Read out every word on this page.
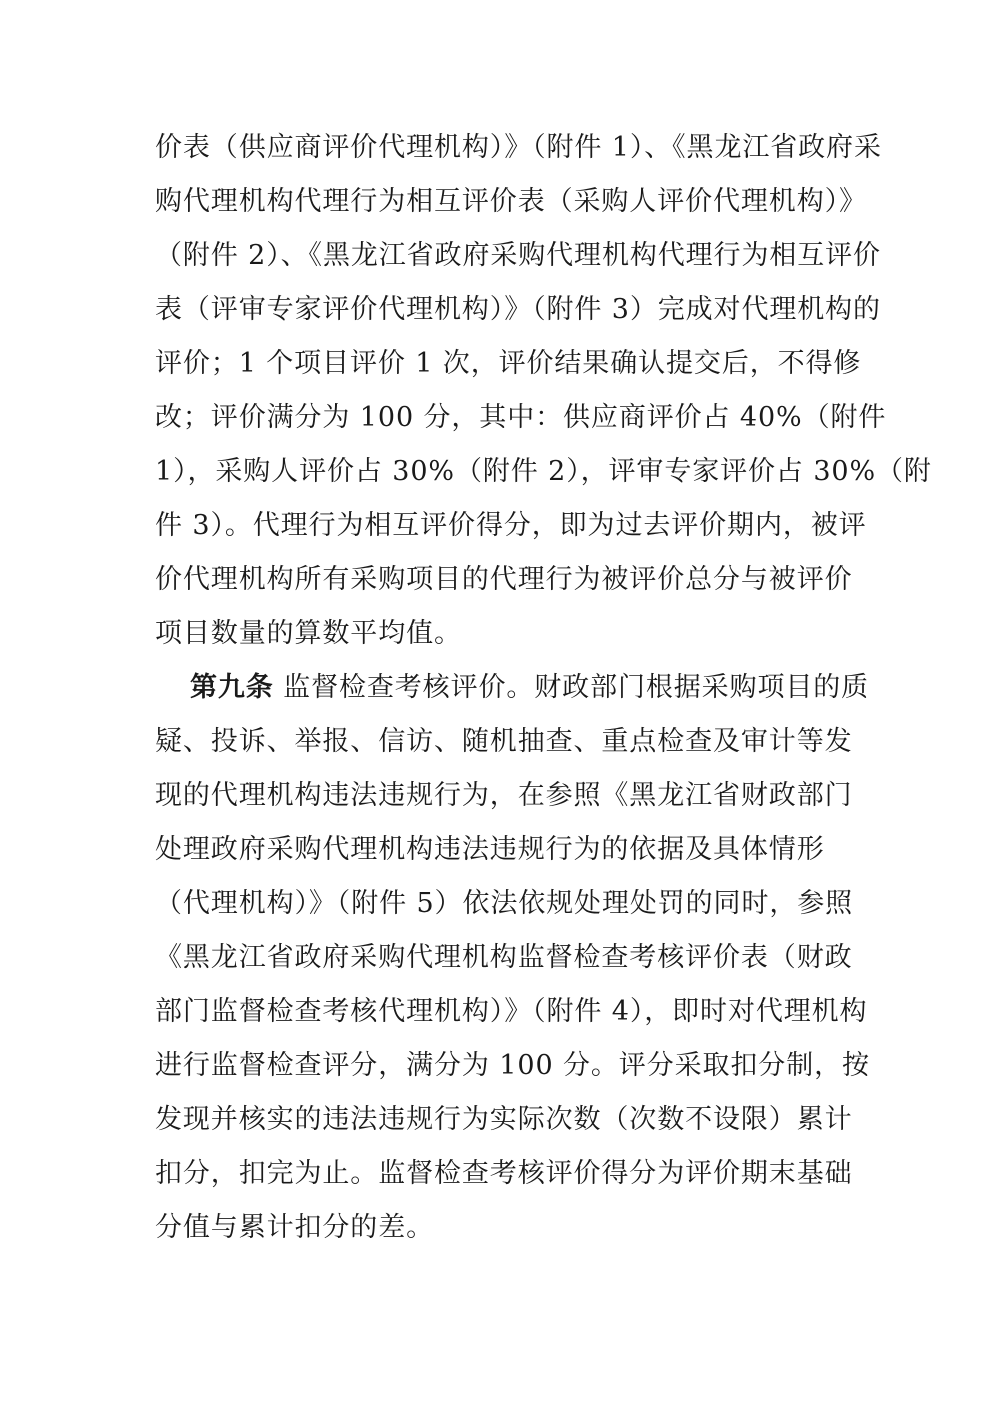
价表（供应商评价代理机构）》（附件 1）、《黑龙江省政府采
购代理机构代理行为相互评价表（采购人评价代理机构）》
（附件 2）、《黑龙江省政府采购代理机构代理行为相互评价
表（评审专家评价代理机构）》（附件 3）完成对代理机构的
评价；1 个项目评价 1 次，评价结果确认提交后，不得修
改；评价满分为 100 分，其中：供应商评价占 40%（附件
1），采购人评价占 30%（附件 2），评审专家评价占 30%（附
件 3）。代理行为相互评价得分，即为过去评价期内，被评
价代理机构所有采购项目的代理行为被评价总分与被评价
项目数量的算数平均值。
第九条 监督检查考核评价。财政部门根据采购项目的质
疑、投诉、举报、信访、随机抽查、重点检查及审计等发
现的代理机构违法违规行为，在参照《黑龙江省财政部门
处理政府采购代理机构违法违规行为的依据及具体情形
（代理机构）》（附件 5）依法依规处理处罚的同时，参照
《黑龙江省政府采购代理机构监督检查考核评价表（财政
部门监督检查考核代理机构）》（附件 4），即时对代理机构
进行监督检查评分，满分为 100 分。评分采取扣分制，按
发现并核实的违法违规行为实际次数（次数不设限）累计
扣分，扣完为止。监督检查考核评价得分为评价期末基础
分值与累计扣分的差。
